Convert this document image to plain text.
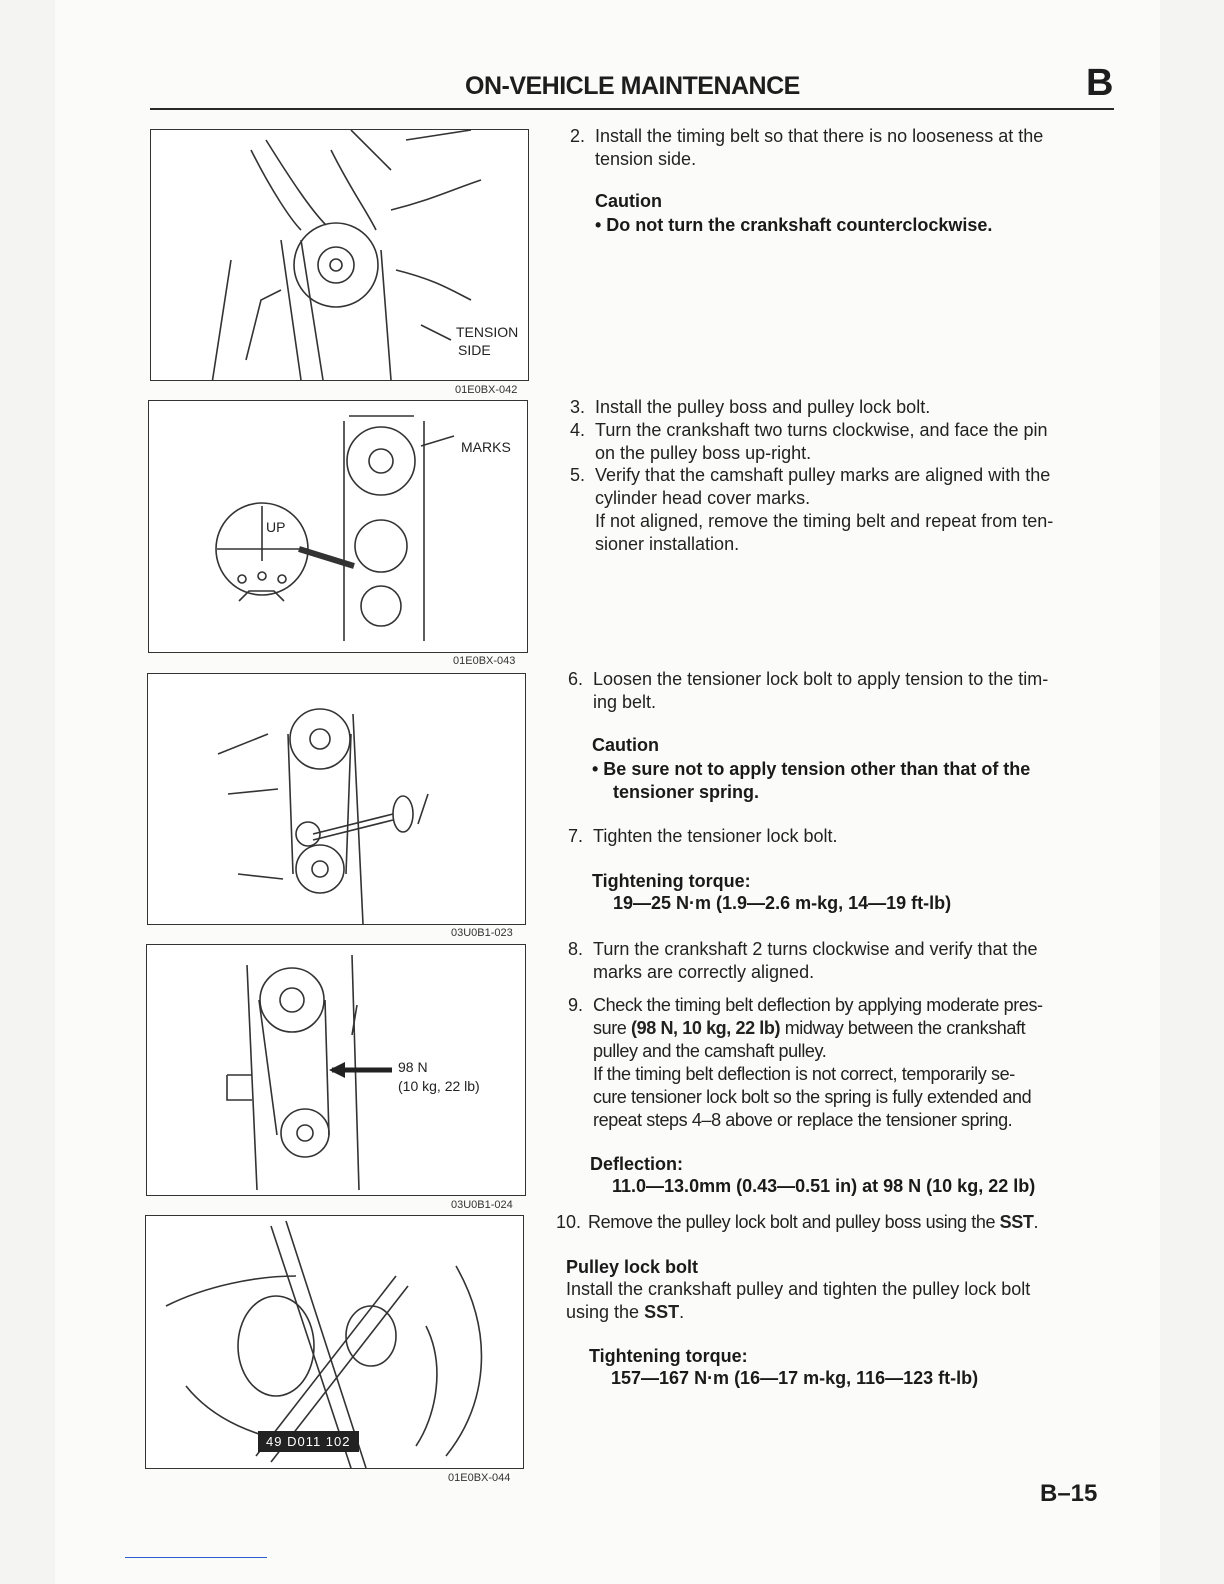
ON-VEHICLE MAINTENANCE	B
TENSION
SIDE
01E0BX-042
MARKS
UP
01E0BX-043
03U0B1-023
98 N
(10 kg, 22 lb)
03U0B1-024
49 D011 102
01E0BX-044
2. Install the timing belt so that there is no looseness at the
tension side.
Caution
• Do not turn the crankshaft counterclockwise.
3. Install the pulley boss and pulley lock bolt.
4. Turn the crankshaft two turns clockwise, and face the pin
on the pulley boss up-right.
5. Verify that the camshaft pulley marks are aligned with the
cylinder head cover marks.
If not aligned, remove the timing belt and repeat from ten-
sioner installation.
6. Loosen the tensioner lock bolt to apply tension to the tim-
ing belt.
Caution
• Be sure not to apply tension other than that of the
tensioner spring.
7. Tighten the tensioner lock bolt.
Tightening torque:
19—25 N·m (1.9—2.6 m-kg, 14—19 ft-lb)
8. Turn the crankshaft 2 turns clockwise and verify that the
marks are correctly aligned.
9. Check the timing belt deflection by applying moderate pres-
sure (98 N, 10 kg, 22 lb) midway between the crankshaft
pulley and the camshaft pulley.
If the timing belt deflection is not correct, temporarily se-
cure tensioner lock bolt so the spring is fully extended and
repeat steps 4–8 above or replace the tensioner spring.
Deflection:
11.0—13.0mm (0.43—0.51 in) at 98 N (10 kg, 22 lb)
10. Remove the pulley lock bolt and pulley boss using the SST.
Pulley lock bolt
Install the crankshaft pulley and tighten the pulley lock bolt
using the SST.
Tightening torque:
157—167 N·m (16—17 m-kg, 116—123 ft-lb)
B–15
